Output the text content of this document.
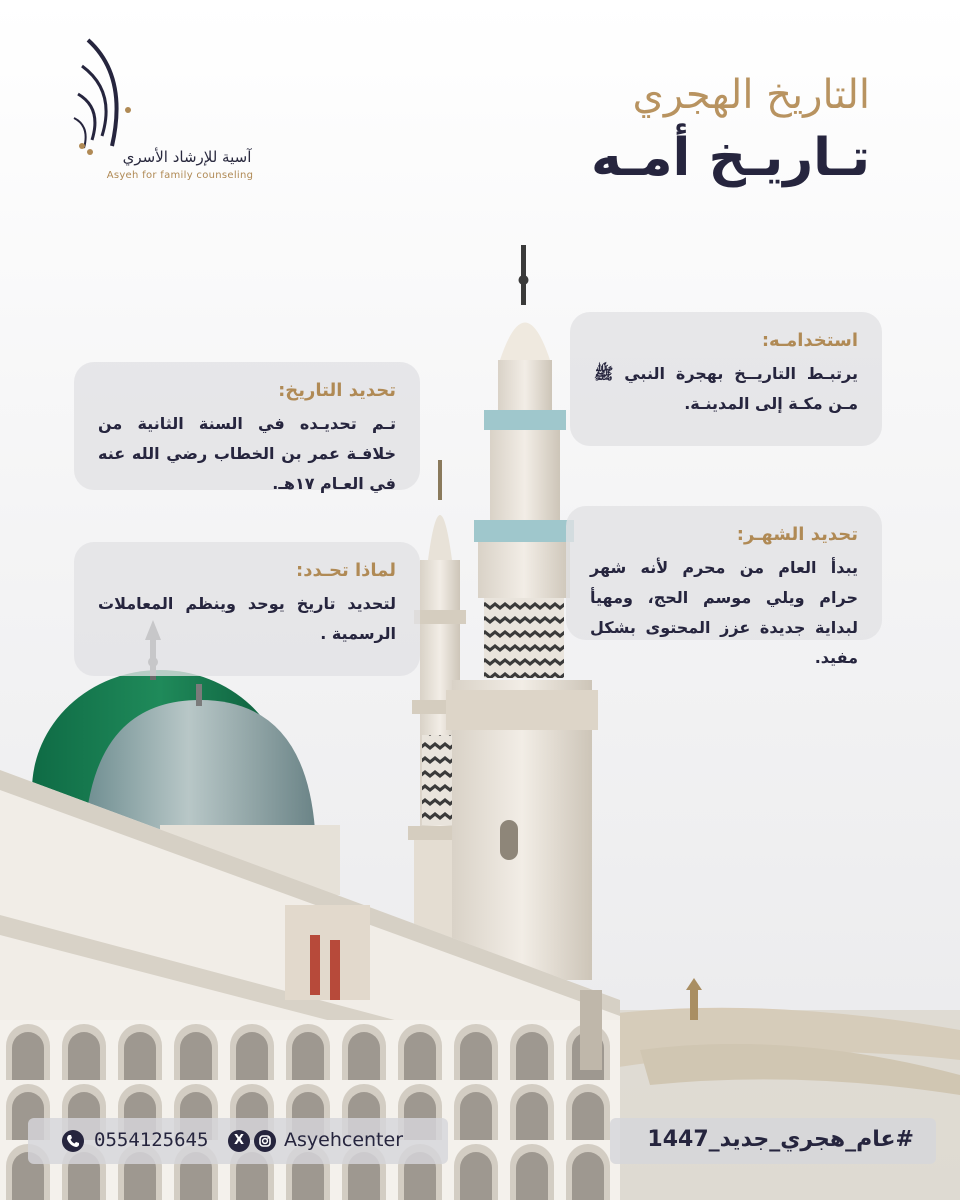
آسية للإرشاد الأسري
Asyeh for family counseling
التاريخ الهجري
تـاريـخ أمـه
استخدامـه:
يرتبـط التاريــخ بهجرة النبي ﷺ مـن مكـة إلى المدينـة.
تحديد التاريخ:
تـم تحديـده في السنة الثانية من خلافـة عمر بن الخطاب رضي الله عنه في العـام ١٧هـ.
تحديد الشهـر:
يبدأ العام من محرم لأنه شهر حرام ويلي موسم الحج، ومهيأ لبداية جديدة عزز المحتوى بشكل مفيد.
لماذا تحـدد:
لتحديد تاريخ يوحد وينظم المعاملات الرسمية .
0554125645	X	Asyehcenter	#عام_هجري_جديد_1447
